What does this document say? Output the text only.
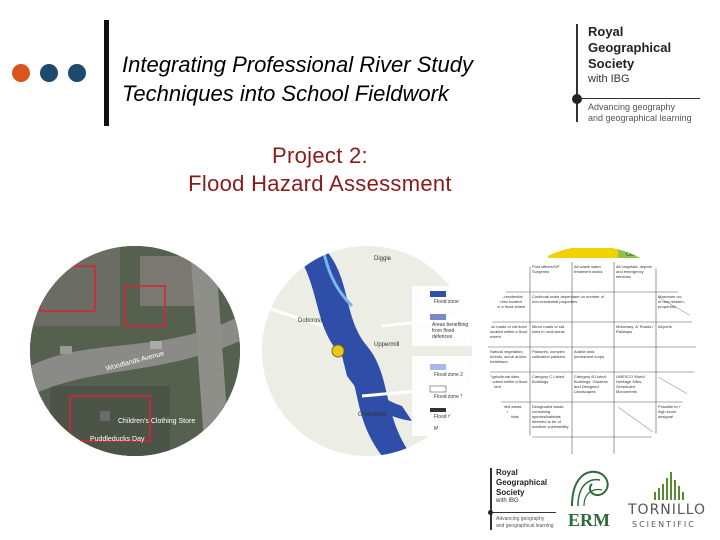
Integrating Professional River Study
Techniques into School Fieldwork
Royal
Geographical
Society
with IBG
Advancing geography
and geographical learning
Project 2:
Flood Hazard Assessment
Children's Clothing Store
Puddleducks Day
Woodlands Avenue
Dobcross
Flood zone
Areas benefiting from flood defences
Flood zone 2
Flood zone 1
Flood defence
Main river
Uppermill
Greenfield
Diggle
Medium
Cell Score: 3-6
Post offices/GP Surgeries
All waste water treatment works
All hospitals, depots and emergency services
No non-residential properties located within a flood extent
Continual scale dependant on number of non-residential properties
Maximum number of non-residential properties
No roads or rail lines located within a flood extent
Minor roads or rail lines in rural areas
Motorway 'A' Roads / Railways
Airports
Natural vegetation, forests, scrub and/or heathland
Pastures, complex cultivation patterns
Arable land, permanent crops
Agricultural sites located within a flood extent
Category C Listed Buildings
Category B Listed Buildings, Gardens and Designed Landscapes
UNESCO World Heritage Sites, Scheduled Monuments
Designated areas containing species/habitats
Designated areas containing species/habitats deemed to be of medium vulnerability
Possible to get a high score but no designated areas
Royal
Geographical
Society
with IBG
Advancing geography
and geographical learning ERM TORNILLO
SCIENTIFIC
